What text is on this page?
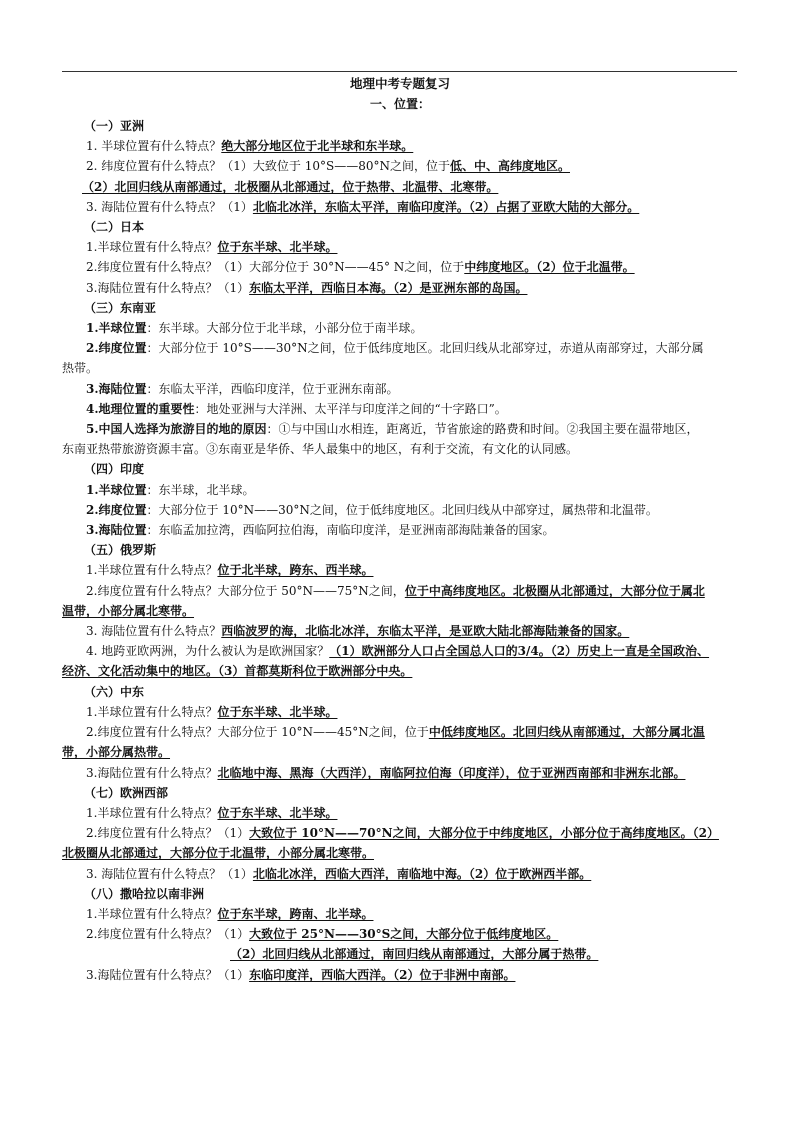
地理中考专题复习

一、位置：

（一）亚洲

1. 半球位置有什么特点？绝大部分地区位于北半球和东半球。

2. 纬度位置有什么特点？（1）大致位于 10°S——80°N之间，位于低、中、高纬度地区。

（2）北回归线从南部通过，北极圈从北部通过，位于热带、北温带、北寒带。

3. 海陆位置有什么特点？（1）北临北冰洋，东临太平洋，南临印度洋。（2）占据了亚欧大陆的大部分。

（二）日本

1.半球位置有什么特点？位于东半球、北半球。

2.纬度位置有什么特点？（1）大部分位于 30°N——45° N之间，位于中纬度地区。（2）位于北温带。

3.海陆位置有什么特点？（1）东临太平洋，西临日本海。（2）是亚洲东部的岛国。

（三）东南亚

1.半球位置：东半球。大部分位于北半球，小部分位于南半球。

2.纬度位置：大部分位于 10°S——30°N之间，位于低纬度地区。北回归线从北部穿过，赤道从南部穿过，大部分属

热带。

3.海陆位置：东临太平洋，西临印度洋，位于亚洲东南部。

4.地理位置的重要性：地处亚洲与大洋洲、太平洋与印度洋之间的“十字路口”。

5.中国人选择为旅游目的地的原因：①与中国山水相连，距离近，节省旅途的路费和时间。②我国主要在温带地区，

东南亚热带旅游资源丰富。③东南亚是华侨、华人最集中的地区，有利于交流，有文化的认同感。

（四）印度

1.半球位置：东半球，北半球。

2.纬度位置：大部分位于 10°N——30°N之间，位于低纬度地区。北回归线从中部穿过，属热带和北温带。

3.海陆位置：东临孟加拉湾，西临阿拉伯海，南临印度洋，是亚洲南部海陆兼备的国家。

（五）俄罗斯

1.半球位置有什么特点？位于北半球，跨东、西半球。

2.纬度位置有什么特点？大部分位于 50°N——75°N之间，位于中高纬度地区。北极圈从北部通过，大部分位于属北

温带，小部分属北寒带。

3. 海陆位置有什么特点？西临波罗的海，北临北冰洋，东临太平洋，是亚欧大陆北部海陆兼备的国家。

4. 地跨亚欧两洲，为什么被认为是欧洲国家？（1）欧洲部分人口占全国总人口的3/4。（2）历史上一直是全国政治、

经济、文化活动集中的地区。（3）首都莫斯科位于欧洲部分中央。

（六）中东

1.半球位置有什么特点？位于东半球、北半球。

2.纬度位置有什么特点？大部分位于 10°N——45°N之间，位于中低纬度地区。北回归线从南部通过，大部分属北温

带，小部分属热带。

3.海陆位置有什么特点？北临地中海、黑海（大西洋），南临阿拉伯海（印度洋），位于亚洲西南部和非洲东北部。

（七）欧洲西部

1.半球位置有什么特点？位于东半球、北半球。

2.纬度位置有什么特点？（1）大致位于 10°N——70°N之间，大部分位于中纬度地区，小部分位于高纬度地区。（2）

北极圈从北部通过，大部分位于北温带，小部分属北寒带。

3. 海陆位置有什么特点？（1）北临北冰洋，西临大西洋，南临地中海。（2）位于欧洲西半部。

（八）撒哈拉以南非洲

1.半球位置有什么特点？位于东半球，跨南、北半球。

2.纬度位置有什么特点？（1）大致位于 25°N——30°S之间，大部分位于低纬度地区。

（2）北回归线从北部通过，南回归线从南部通过，大部分属于热带。

3.海陆位置有什么特点？（1）东临印度洋，西临大西洋。（2）位于非洲中南部。
